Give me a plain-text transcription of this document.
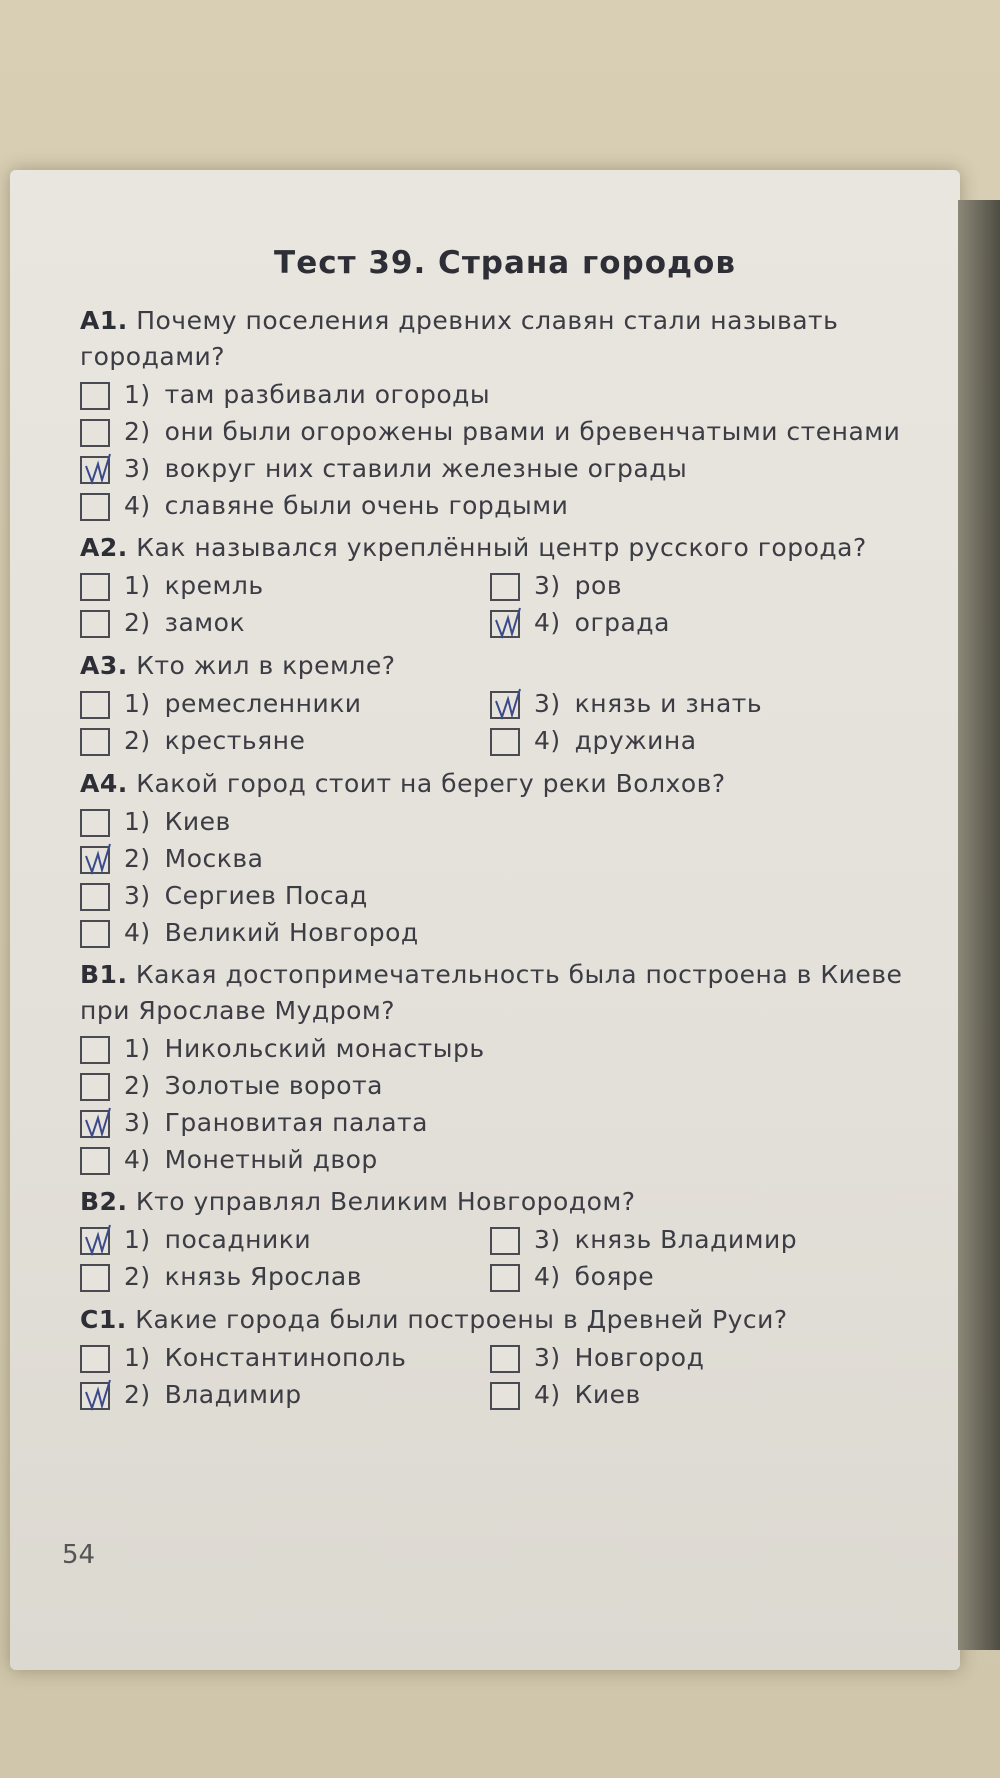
Тест 39. Страна городов
А1. Почему поселения древних славян стали называть городами?
1) там разбивали огороды
2) они были огорожены рвами и бревенчатыми стенами
3) вокруг них ставили железные ограды
4) славяне были очень гордыми
А2. Как назывался укреплённый центр русского города?
1) кремль	3) ров
2) замок	4) ограда
А3. Кто жил в кремле?
1) ремесленники	3) князь и знать
2) крестьяне	4) дружина
А4. Какой город стоит на берегу реки Волхов?
1) Киев
2) Москва
3) Сергиев Посад
4) Великий Новгород
В1. Какая достопримечательность была построена в Киеве при Ярославе Мудром?
1) Никольский монастырь
2) Золотые ворота
3) Грановитая палата
4) Монетный двор
В2. Кто управлял Великим Новгородом?
1) посадники	3) князь Владимир
2) князь Ярослав	4) бояре
С1. Какие города были построены в Древней Руси?
1) Константинополь	3) Новгород
2) Владимир	4) Киев
54
